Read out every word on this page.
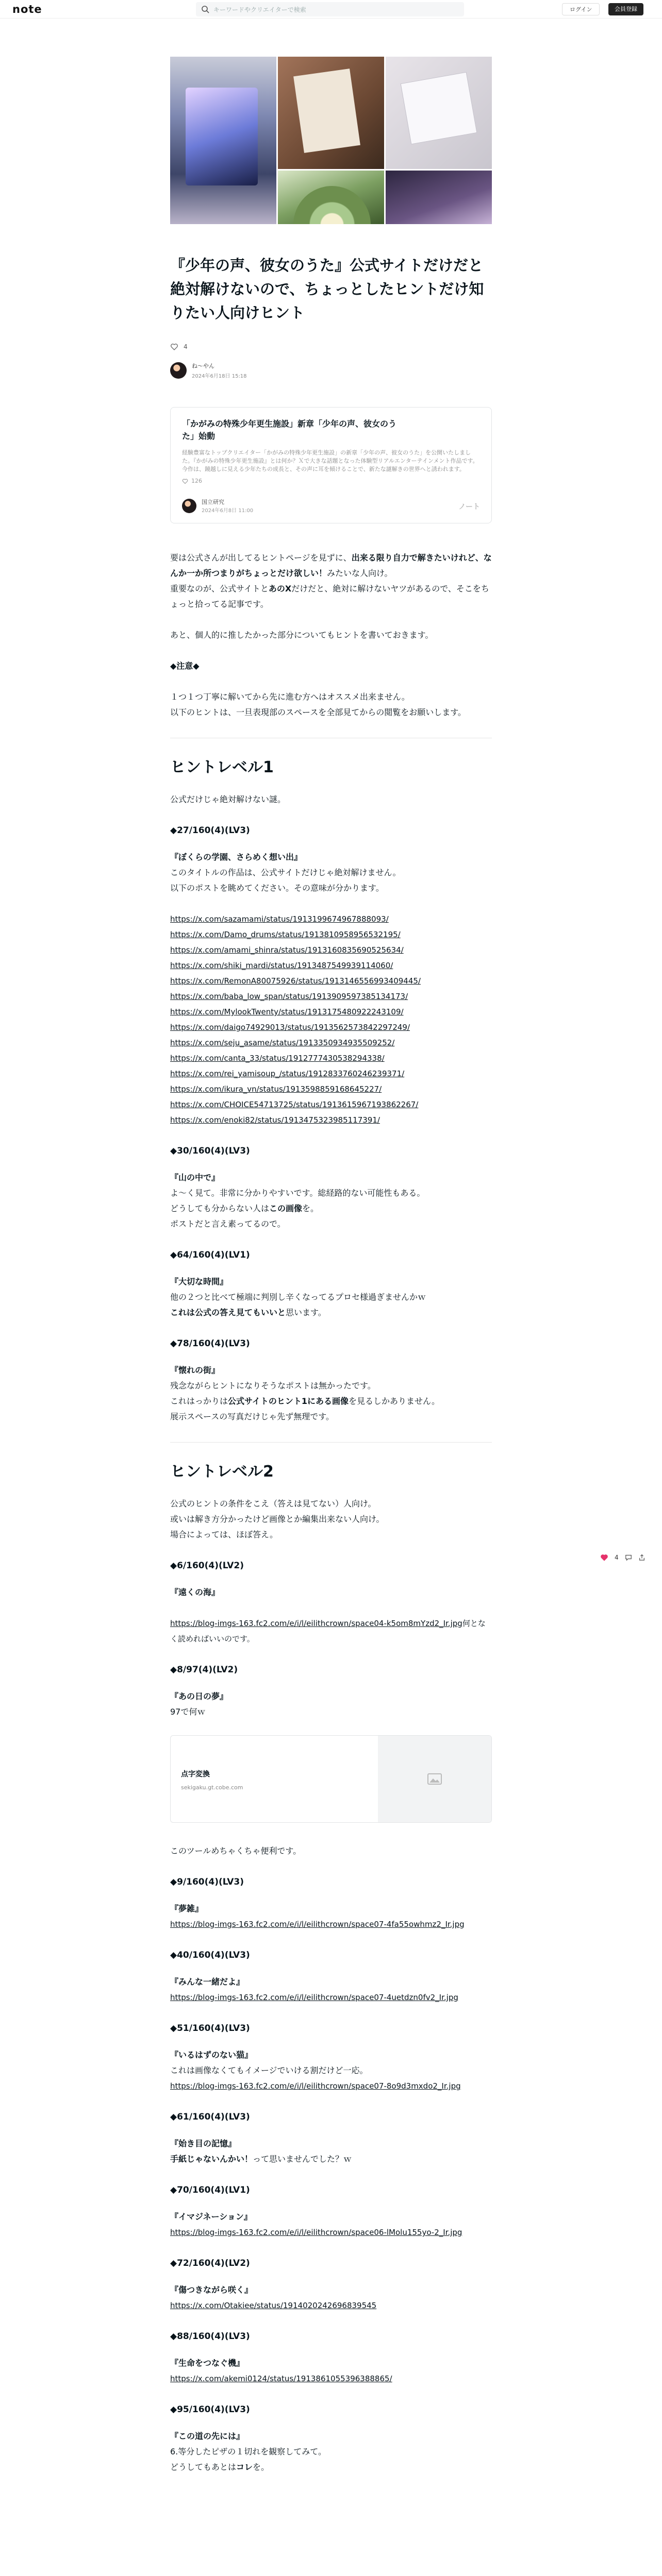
note	キーワードやクリエイターで検索	ログイン	会員登録
『少年の声、彼女のうた』公式サイトだけだと絶対解けないので、ちょっとしたヒントだけ知りたい人向けヒント
4
ね～やん
2024年6月18日 15:18
「かがみの特殊少年更生施設」新章「少年の声、彼女のうた」始動
経験豊富なトップクリエイター「かがみの特殊少年更生施設」の新章「少年の声、彼女のうた」を公開いたしました。『かがみの特殊少年更生施設』とは何か？Ｘで大きな話題となった体験型リアルエンターテインメント作品です。今作は、鏡越しに見える少年たちの成長と、その声に耳を傾けることで、新たな謎解きの世界へと誘われます。
126
国立研究
2024年6月8日 11:00	ノート

要は公式さんが出してるヒントページを見ずに、出来る限り自力で解きたいけれど、なんか一か所つまりがちょっとだけ欲しい！みたいな人向け。
重要なのが、公式サイトとあのXだけだと、絶対に解けないヤツがあるので、そこをちょっと拾ってる記事です。

あと、個人的に推したかった部分についてもヒントを書いておきます。

◆注意◆

１つ１つ丁寧に解いてから先に進む方へはオススメ出来ません。
以下のヒントは、一旦表現部のスペースを全部見てからの閲覧をお願いします。

ヒントレベル1

公式だけじゃ絶対解けない謎。

◆27/160(4)(LV3)

『ぼくらの学園、さらめく想い出』
このタイトルの作品は、公式サイトだけじゃ絶対解けません。
以下のポストを眺めてください。その意味が分かります。

https://x.com/sazamami/status/1913199674967888093/
https://x.com/Damo_drums/status/1913810958956532195/
https://x.com/amami_shinra/status/1913160835690525634/
https://x.com/shiki_mardi/status/1913487549939114060/
https://x.com/RemonA80075926/status/1913146556993409445/
https://x.com/baba_low_span/status/1913909597385134173/
https://x.com/MylookTwenty/status/1913175480922243109/
https://x.com/daigo74929013/status/1913562573842297249/
https://x.com/seju_asame/status/1913350934935509252/
https://x.com/canta_33/status/1912777430538294338/
https://x.com/rei_yamisoup_/status/1912833760246239371/
https://x.com/ikura_vn/status/1913598859168645227/
https://x.com/CHOICE54713725/status/1913615967193862267/
https://x.com/enoki82/status/1913475323985117391/
◆30/160(4)(LV3)

『山の中で』
よ～く見て。非常に分かりやすいです。総経路的ない可能性もある。
どうしても分からない人はこの画像を。
ポストだと言え素ってるので。

◆64/160(4)(LV1)

『大切な時間』
他の２つと比べて極端に判別し辛くなってるプロセ様過ぎませんかｗ
これは公式の答え見てもいいと思います。

◆78/160(4)(LV3)

『懐れの街』
残念ながらヒントになりそうなポストは無かったです。
これはっかりは公式サイトのヒント1にある画像を見るしかありません。
展示スペースの写真だけじゃ先ず無理です。

ヒントレベル2

公式のヒントの条件をこえ（答えは見てない）人向け。
或いは解き方分かったけど画像とか編集出来ない人向け。
場合によっては、ほぼ答え。

◆6/160(4)(LV2)

『遠くの海』

https://blog-imgs-163.fc2.com/e/i/l/eilithcrown/space04-k5om8mYzd2_Ir.jpg何となく読めればいいのです。

◆8/97(4)(LV2)

『あの日の夢』
97で何ｗ

点字変換
sekigaku.gt.cobe.com

このツールめちゃくちゃ便利です。

◆9/160(4)(LV3)

『夢雑』
https://blog-imgs-163.fc2.com/e/i/l/eilithcrown/space07-4fa55owhmz2_Ir.jpg

◆40/160(4)(LV3)

『みんな一緒だよ』
https://blog-imgs-163.fc2.com/e/i/l/eilithcrown/space07-4uetdzn0fv2_Ir.jpg

◆51/160(4)(LV3)

『いるはずのない猫』
これは画像なくてもイメージでいける割だけど一応。
https://blog-imgs-163.fc2.com/e/i/l/eilithcrown/space07-8o9d3mxdo2_Ir.jpg

◆61/160(4)(LV3)

『始き目の記憶』
手紙じゃないんかい！って思いませんでした？ｗ

◆70/160(4)(LV1)

『イマジネーション』
https://blog-imgs-163.fc2.com/e/i/l/eilithcrown/space06-lMolu155yo-2_Ir.jpg

◆72/160(4)(LV2)

『傷つきながら咲く』
https://x.com/Otakiee/status/1914020242696839545

◆88/160(4)(LV3)

『生命をつなぐ機』
https://x.com/akemi0124/status/1913861055396388865/

◆95/160(4)(LV3)

『この道の先には』
6.等分したピザの１切れを観察してみて。
どうしてもあとはコレを。

4
